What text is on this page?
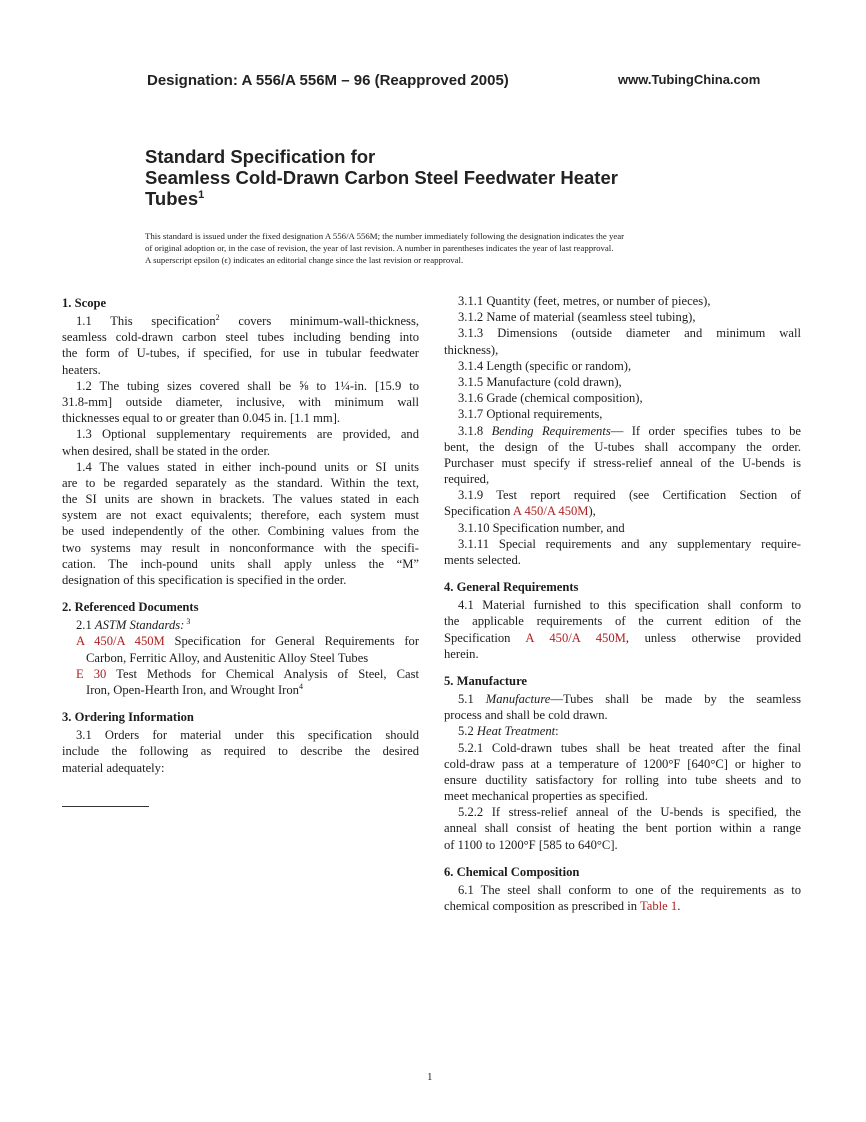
Designation: A 556/A 556M – 96 (Reapproved 2005)	www.TubingChina.com
Standard Specification for
Seamless Cold-Drawn Carbon Steel Feedwater Heater
Tubes$^1$
This standard is issued under the fixed designation A 556/A 556M; the number immediately following the designation indicates the year
of original adoption or, in the case of revision, the year of last revision. A number in parentheses indicates the year of last reapproval.
A superscript epsilon (ϵ) indicates an editorial change since the last revision or reapproval.
1. Scope
1.1 This specification$^2$ covers minimum-wall-thickness,
seamless cold-drawn carbon steel tubes including bending into
the form of U-tubes, if specified, for use in tubular feedwater
heaters.
1.2 The tubing sizes covered shall be ⅝ to 1¼-in. [15.9 to
31.8-mm] outside diameter, inclusive, with minimum wall
thicknesses equal to or greater than 0.045 in. [1.1 mm].
1.3 Optional supplementary requirements are provided, and
when desired, shall be stated in the order.
1.4 The values stated in either inch-pound units or SI units
are to be regarded separately as the standard. Within the text,
the SI units are shown in brackets. The values stated in each
system are not exact equivalents; therefore, each system must
be used independently of the other. Combining values from the
two systems may result in nonconformance with the specifi-
cation. The inch-pound units shall apply unless the “M”
designation of this specification is specified in the order.
2. Referenced Documents
2.1 ASTM Standards: $^3$
A 450/A 450M Specification for General Requirements for
Carbon, Ferritic Alloy, and Austenitic Alloy Steel Tubes
E 30 Test Methods for Chemical Analysis of Steel, Cast
Iron, Open-Hearth Iron, and Wrought Iron$^4$
3. Ordering Information
3.1 Orders for material under this specification should
include the following as required to describe the desired
material adequately:
3.1.1 Quantity (feet, metres, or number of pieces),
3.1.2 Name of material (seamless steel tubing),
3.1.3 Dimensions (outside diameter and minimum wall
thickness),
3.1.4 Length (specific or random),
3.1.5 Manufacture (cold drawn),
3.1.6 Grade (chemical composition),
3.1.7 Optional requirements,
3.1.8 Bending Requirements— If order specifies tubes to be
bent, the design of the U-tubes shall accompany the order.
Purchaser must specify if stress-relief anneal of the U-bends is
required,
3.1.9 Test report required (see Certification Section of
Specification A 450/A 450M),
3.1.10 Specification number, and
3.1.11 Special requirements and any supplementary require-
ments selected.
4. General Requirements
4.1 Material furnished to this specification shall conform to
the applicable requirements of the current edition of the
Specification A 450/A 450M, unless otherwise provided
herein.
5. Manufacture
5.1 Manufacture—Tubes shall be made by the seamless
process and shall be cold drawn.
5.2 Heat Treatment:
5.2.1 Cold-drawn tubes shall be heat treated after the final
cold-draw pass at a temperature of 1200°F [640°C] or higher to
ensure ductility satisfactory for rolling into tube sheets and to
meet mechanical properties as specified.
5.2.2 If stress-relief anneal of the U-bends is specified, the
anneal shall consist of heating the bent portion within a range
of 1100 to 1200°F [585 to 640°C].
6. Chemical Composition
6.1 The steel shall conform to one of the requirements as to
chemical composition as prescribed in Table 1.
1
